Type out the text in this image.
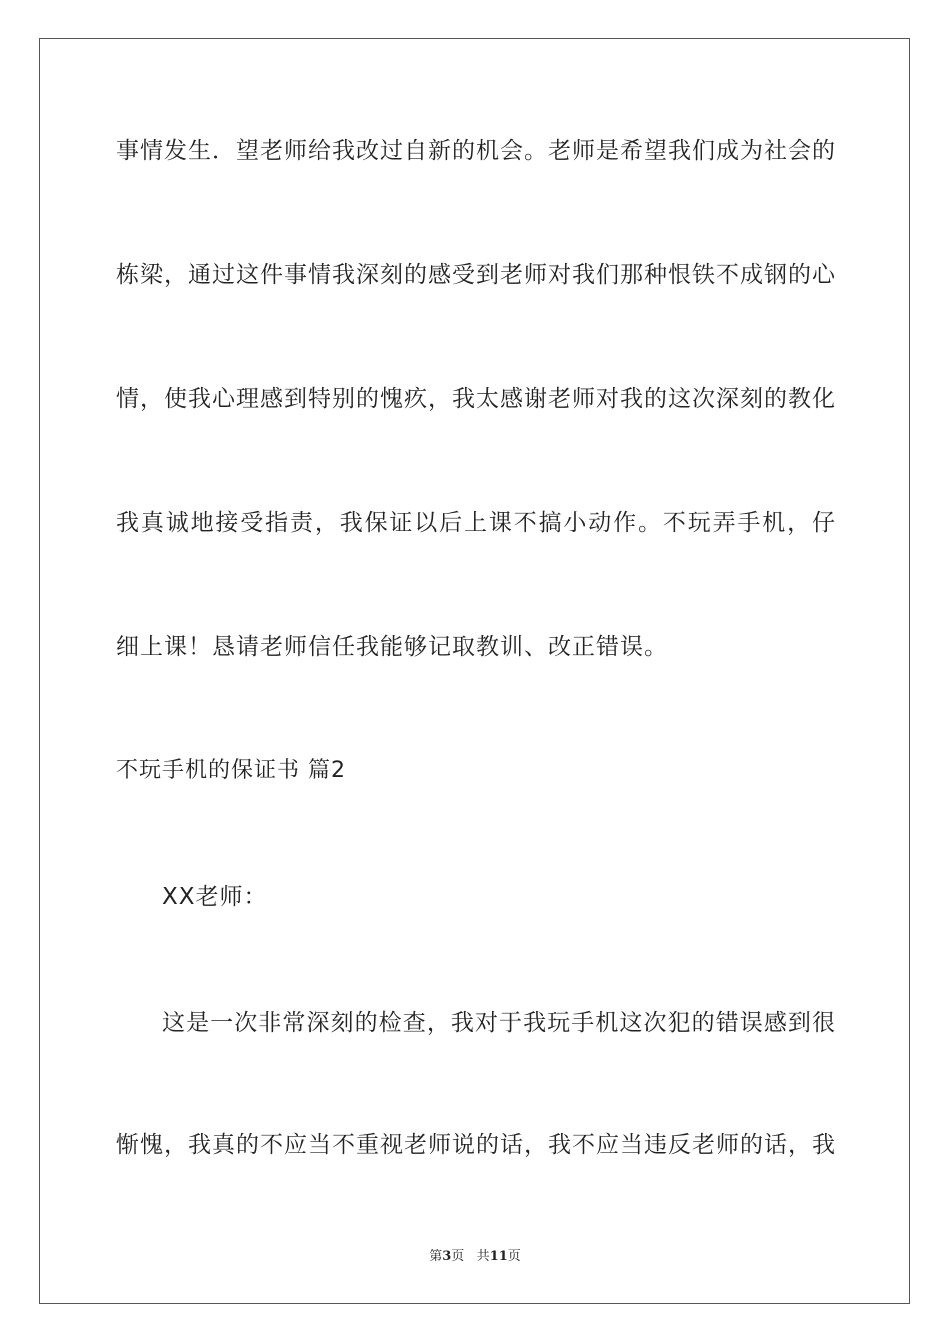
事情发生．望老师给我改过自新的机会。老师是希望我们成为社会的
栋梁，通过这件事情我深刻的感受到老师对我们那种恨铁不成钢的心
情，使我心理感到特别的愧疚，我太感谢老师对我的这次深刻的教化
我真诚地接受指责，我保证以后上课不搞小动作。不玩弄手机，仔
细上课！恳请老师信任我能够记取教训、改正错误。
不玩手机的保证书 篇2
XX老师：
这是一次非常深刻的检查，我对于我玩手机这次犯的错误感到很
惭愧，我真的不应当不重视老师说的话，我不应当违反老师的话，我
第3页 共11页
